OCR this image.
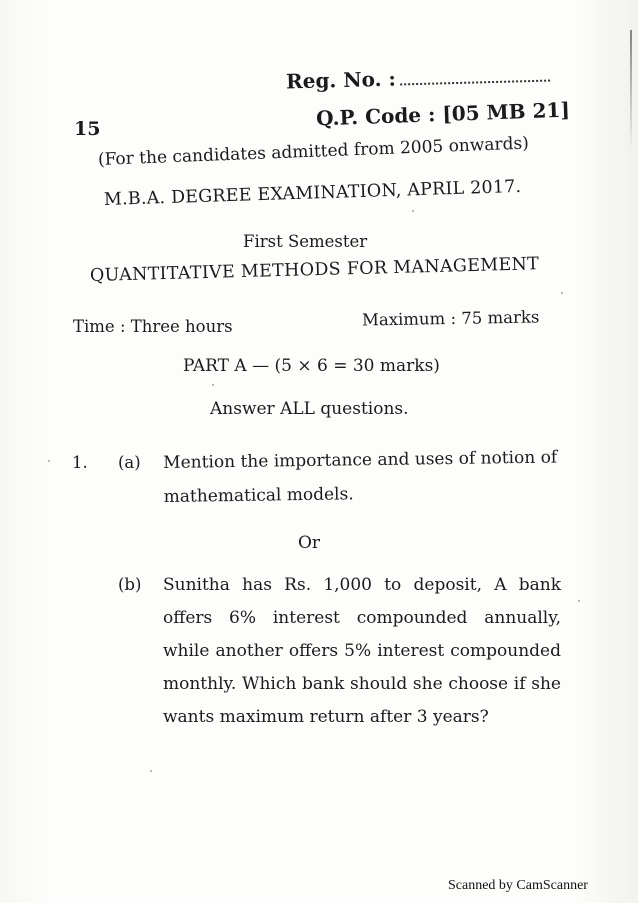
Reg. No. :
Q.P. Code : [05 MB 21]
15
(For the candidates admitted from 2005 onwards)
M.B.A. DEGREE EXAMINATION, APRIL 2017.
First Semester
QUANTITATIVE METHODS FOR MANAGEMENT
Time : Three hours	Maximum : 75 marks
PART A — (5 × 6 = 30 marks)
Answer ALL questions.
1. (a) Mention the importance and uses of notion of mathematical models.
Or
(b) Sunitha has Rs. 1,000 to deposit, A bank offers 6% interest compounded annually, while another offers 5% interest compounded monthly. Which bank should she choose if she wants maximum return after 3 years?
Scanned by CamScanner
